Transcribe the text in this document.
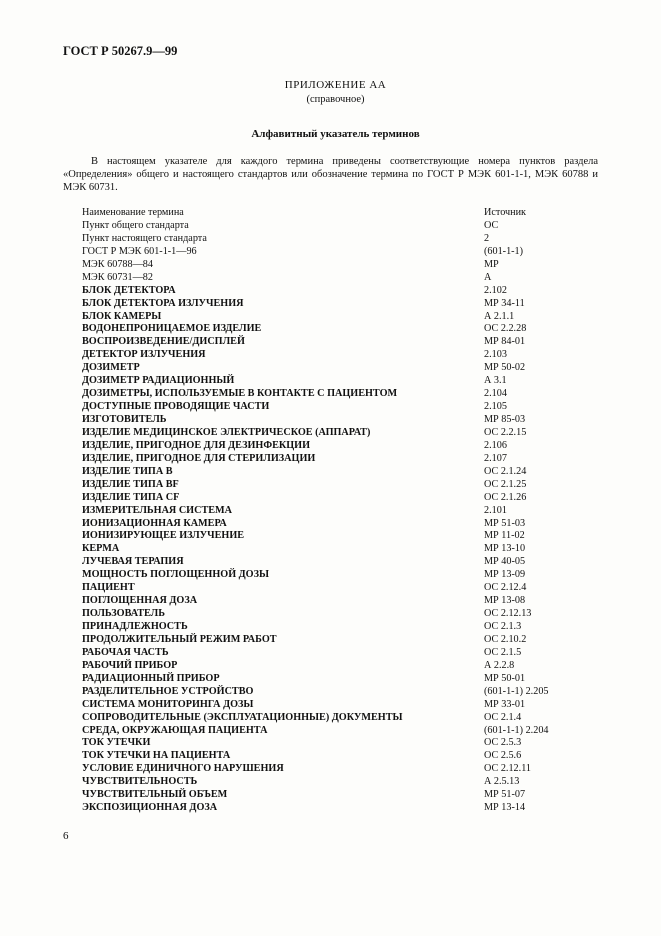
ГОСТ Р 50267.9—99
ПРИЛОЖЕНИЕ АА
(справочное)
Алфавитный указатель терминов

В настоящем указателе для каждого термина приведены соответствующие номера пунктов раздела «Определения» общего и настоящего стандартов или обозначение термина по ГОСТ Р МЭК 601-1-1, МЭК 60788 и МЭК 60731.

Наименование термина	Источник
Пункт общего стандарта	ОС
Пункт настоящего стандарта	2
ГОСТ Р МЭК 601-1-1—96	(601-1-1)
МЭК 60788—84	МР
МЭК 60731—82	А
БЛОК ДЕТЕКТОРА	2.102
БЛОК ДЕТЕКТОРА ИЗЛУЧЕНИЯ	МР 34-11
БЛОК КАМЕРЫ	А 2.1.1
ВОДОНЕПРОНИЦАЕМОЕ ИЗДЕЛИЕ	ОС 2.2.28
ВОСПРОИЗВЕДЕНИЕ/ДИСПЛЕЙ	МР 84-01
ДЕТЕКТОР ИЗЛУЧЕНИЯ	2.103
ДОЗИМЕТР	МР 50-02
ДОЗИМЕТР РАДИАЦИОННЫЙ	А 3.1
ДОЗИМЕТРЫ, ИСПОЛЬЗУЕМЫЕ В КОНТАКТЕ С ПАЦИЕНТОМ	2.104
ДОСТУПНЫЕ ПРОВОДЯЩИЕ ЧАСТИ	2.105
ИЗГОТОВИТЕЛЬ	МР 85-03
ИЗДЕЛИЕ МЕДИЦИНСКОЕ ЭЛЕКТРИЧЕСКОЕ (АППАРАТ)	ОС 2.2.15
ИЗДЕЛИЕ, ПРИГОДНОЕ ДЛЯ ДЕЗИНФЕКЦИИ	2.106
ИЗДЕЛИЕ, ПРИГОДНОЕ ДЛЯ СТЕРИЛИЗАЦИИ	2.107
ИЗДЕЛИЕ ТИПА В	ОС 2.1.24
ИЗДЕЛИЕ ТИПА BF	ОС 2.1.25
ИЗДЕЛИЕ ТИПА CF	ОС 2.1.26
ИЗМЕРИТЕЛЬНАЯ СИСТЕМА	2.101
ИОНИЗАЦИОННАЯ КАМЕРА	МР 51-03
ИОНИЗИРУЮЩЕЕ ИЗЛУЧЕНИЕ	МР 11-02
КЕРМА	МР 13-10
ЛУЧЕВАЯ ТЕРАПИЯ	МР 40-05
МОЩНОСТЬ ПОГЛОЩЕННОЙ ДОЗЫ	МР 13-09
ПАЦИЕНТ	ОС 2.12.4
ПОГЛОЩЕННАЯ ДОЗА	МР 13-08
ПОЛЬЗОВАТЕЛЬ	ОС 2.12.13
ПРИНАДЛЕЖНОСТЬ	ОС 2.1.3
ПРОДОЛЖИТЕЛЬНЫЙ РЕЖИМ РАБОТ	ОС 2.10.2
РАБОЧАЯ ЧАСТЬ	ОС 2.1.5
РАБОЧИЙ ПРИБОР	А 2.2.8
РАДИАЦИОННЫЙ ПРИБОР	МР 50-01
РАЗДЕЛИТЕЛЬНОЕ УСТРОЙСТВО	(601-1-1) 2.205
СИСТЕМА МОНИТОРИНГА ДОЗЫ	МР 33-01
СОПРОВОДИТЕЛЬНЫЕ (ЭКСПЛУАТАЦИОННЫЕ) ДОКУМЕНТЫ	ОС 2.1.4
СРЕДА, ОКРУЖАЮЩАЯ ПАЦИЕНТА	(601-1-1) 2.204
ТОК УТЕЧКИ	ОС 2.5.3
ТОК УТЕЧКИ НА ПАЦИЕНТА	ОС 2.5.6
УСЛОВИЕ ЕДИНИЧНОГО НАРУШЕНИЯ	ОС 2.12.11
ЧУВСТВИТЕЛЬНОСТЬ	А 2.5.13
ЧУВСТВИТЕЛЬНЫЙ ОБЪЕМ	МР 51-07
ЭКСПОЗИЦИОННАЯ ДОЗА	МР 13-14
6
